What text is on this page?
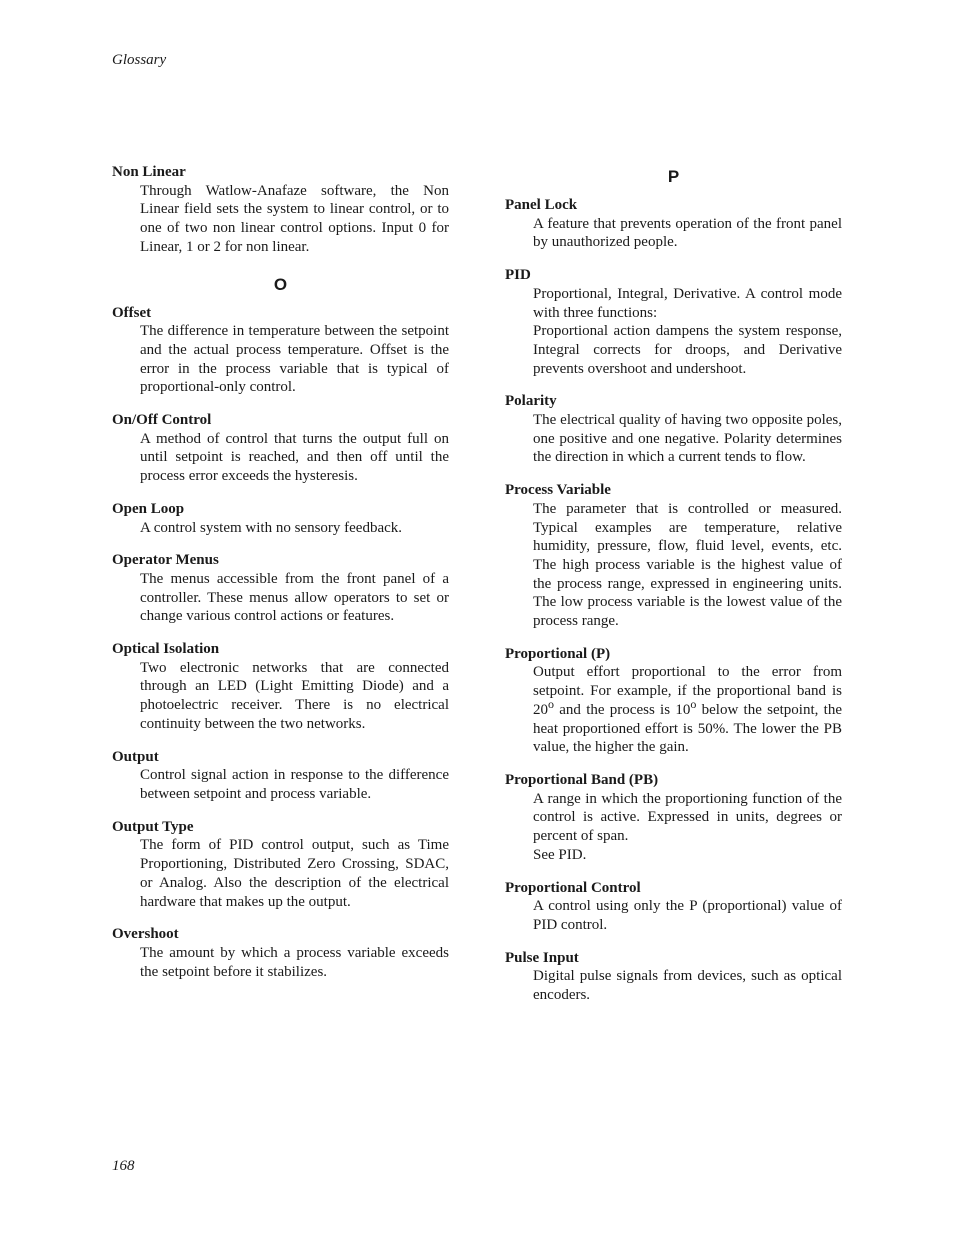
Glossary
Non Linear

Through Watlow-Anafaze software, the Non Linear field sets the system to linear control, or to one of two non linear control options. Input 0 for Linear, 1 or 2 for non linear.

O
Offset

The difference in temperature between the setpoint and the actual process temperature. Offset is the error in the process variable that is typical of proportional-only control.

On/Off Control

A method of control that turns the output full on until setpoint is reached, and then off until the process error exceeds the hysteresis.

Open Loop

A control system with no sensory feedback.

Operator Menus

The menus accessible from the front panel of a controller. These menus allow operators to set or change various control actions or features.

Optical Isolation

Two electronic networks that are connected through an LED (Light Emitting Diode) and a photoelectric receiver. There is no electrical continuity between the two networks.

Output

Control signal action in response to the difference between setpoint and process variable.

Output Type

The form of PID control output, such as Time Proportioning, Distributed Zero Crossing, SDAC, or Analog. Also the description of the electrical hardware that makes up the output.

Overshoot

The amount by which a process variable exceeds the setpoint before it stabilizes.

P
Panel Lock

A feature that prevents operation of the front panel by unauthorized people.

PID

Proportional, Integral, Derivative. A control mode with three functions:

Proportional action dampens the system response, Integral corrects for droops, and Derivative prevents overshoot and undershoot.

Polarity

The electrical quality of having two opposite poles, one positive and one negative. Polarity determines the direction in which a current tends to flow.

Process Variable

The parameter that is controlled or measured. Typical examples are temperature, relative humidity, pressure, flow, fluid level, events, etc. The high process variable is the highest value of the process range, expressed in engineering units. The low process variable is the lowest value of the process range.

Proportional (P)

Output effort proportional to the error from setpoint. For example, if the proportional band is 20$^o$ and the process is 10$^o$ below the setpoint, the heat proportioned effort is 50%. The lower the PB value, the higher the gain.

Proportional Band (PB)

A range in which the proportioning function of the control is active. Expressed in units, degrees or percent of span.

See PID.

Proportional Control

A control using only the P (proportional) value of PID control.

Pulse Input

Digital pulse signals from devices, such as optical encoders.

168
